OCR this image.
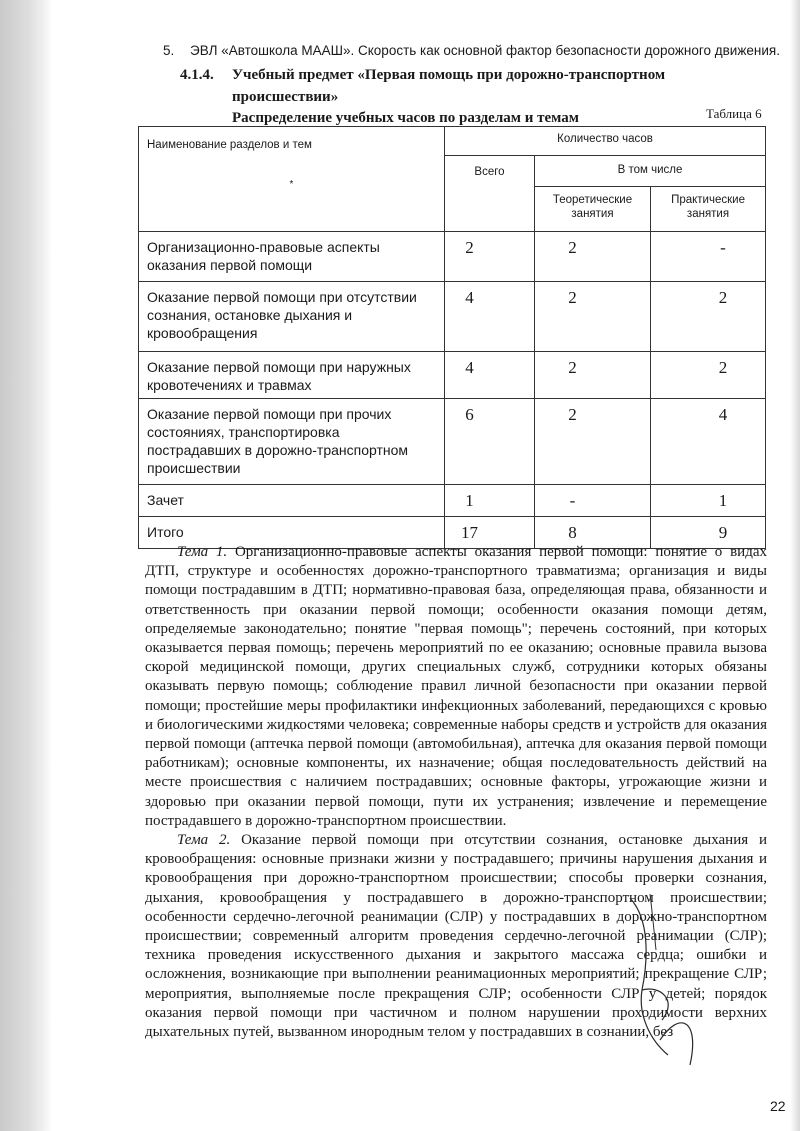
5. ЭВЛ «Автошкола МААШ». Скорость как основной фактор безопасности дорожного движения.
4.1.4. Учебный предмет «Первая помощь при дорожно-транспортном
происшествии»
Распределение учебных часов по разделам и темам	Таблица 6
Наименование разделов и тем
*	Количество часов		
	Всего	В том числе	
		Теоретические занятия	Практические занятия
Организационно-правовые аспекты оказания первой помощи	2	2	-
Оказание первой помощи при отсутствии сознания, остановке дыхания и кровообращения	4	2	2
Оказание первой помощи при наружных кровотечениях и травмах	4	2	2
Оказание первой помощи при прочих состояниях, транспортировка пострадавших в дорожно-транспортном происшествии	6	2	4
Зачет	1	-	1
Итого	17	8	9

Тема 1. Организационно-правовые аспекты оказания первой помощи: понятие о видах ДТП, структуре и особенностях дорожно-транспортного травматизма; организация и виды помощи пострадавшим в ДТП; нормативно-правовая база, определяющая права, обязанности и ответственность при оказании первой помощи; особенности оказания помощи детям, определяемые законодательно; понятие "первая помощь"; перечень состояний, при которых оказывается первая помощь; перечень мероприятий по ее оказанию; основные правила вызова скорой медицинской помощи, других специальных служб, сотрудники которых обязаны оказывать первую помощь; соблюдение правил личной безопасности при оказании первой помощи; простейшие меры профилактики инфекционных заболеваний, передающихся с кровью и биологическими жидкостями человека; современные наборы средств и устройств для оказания первой помощи (аптечка первой помощи (автомобильная), аптечка для оказания первой помощи работникам); основные компоненты, их назначение; общая последовательность действий на месте происшествия с наличием пострадавших; основные факторы, угрожающие жизни и здоровью при оказании первой помощи, пути их устранения; извлечение и перемещение пострадавшего в дорожно-транспортном происшествии.

Тема 2. Оказание первой помощи при отсутствии сознания, остановке дыхания и кровообращения: основные признаки жизни у пострадавшего; причины нарушения дыхания и кровообращения при дорожно-транспортном происшествии; способы проверки сознания, дыхания, кровообращения у пострадавшего в дорожно-транспортном происшествии; особенности сердечно-легочной реанимации (СЛР) у пострадавших в дорожно-транспортном происшествии; современный алгоритм проведения сердечно-легочной реанимации (СЛР); техника проведения искусственного дыхания и закрытого массажа сердца; ошибки и осложнения, возникающие при выполнении реанимационных мероприятий; прекращение СЛР; мероприятия, выполняемые после прекращения СЛР; особенности СЛР у детей; порядок оказания первой помощи при частичном и полном нарушении проходимости верхних дыхательных путей, вызванном инородным телом у пострадавших в сознании, без

22
